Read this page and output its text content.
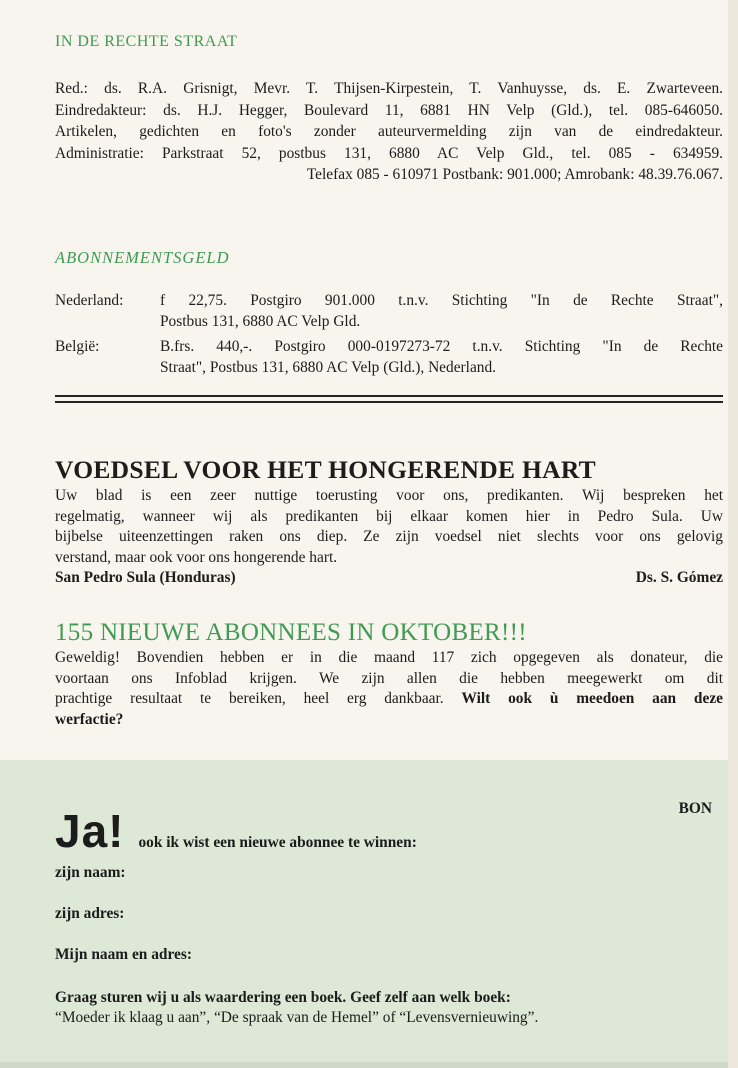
IN DE RECHTE STRAAT
Red.: ds. R.A. Grisnigt, Mevr. T. Thijsen-Kirpestein, T. Vanhuysse, ds. E. Zwarteveen.
Eindredakteur: ds. H.J. Hegger, Boulevard 11, 6881 HN Velp (Gld.), tel. 085-646050.
Artikelen, gedichten en foto's zonder auteurvermelding zijn van de eindredakteur.
Administratie: Parkstraat 52, postbus 131, 6880 AC Velp Gld., tel. 085 - 634959.
Telefax 085 - 610971 Postbank: 901.000; Amrobank: 48.39.76.067.
ABONNEMENTSGELD
Nederland:	f 22,75. Postgiro 901.000 t.n.v. Stichting "In de Rechte Straat",
Postbus 131, 6880 AC Velp Gld.
België:	B.frs. 440,-. Postgiro 000-0197273-72 t.n.v. Stichting "In de Rechte
Straat", Postbus 131, 6880 AC Velp (Gld.), Nederland.
VOEDSEL VOOR HET HONGERENDE HART
Uw blad is een zeer nuttige toerusting voor ons, predikanten. Wij bespreken het
regelmatig, wanneer wij als predikanten bij elkaar komen hier in Pedro Sula. Uw
bijbelse uiteenzettingen raken ons diep. Ze zijn voedsel niet slechts voor ons gelovig
verstand, maar ook voor ons hongerende hart.
San Pedro Sula (Honduras)	Ds. S. Gómez
155 NIEUWE ABONNEES IN OKTOBER!!!
Geweldig! Bovendien hebben er in die maand 117 zich opgegeven als donateur, die
voortaan ons Infoblad krijgen. We zijn allen die hebben meegewerkt om dit
prachtige resultaat te bereiken, heel erg dankbaar. Wilt ook ù meedoen aan deze
werfactie?
BON
Ja! ook ik wist een nieuwe abonnee te winnen:
zijn naam:
zijn adres:
Mijn naam en adres:
Graag sturen wij u als waardering een boek. Geef zelf aan welk boek:
“Moeder ik klaag u aan”, “De spraak van de Hemel” of “Levensvernieuwing”.
